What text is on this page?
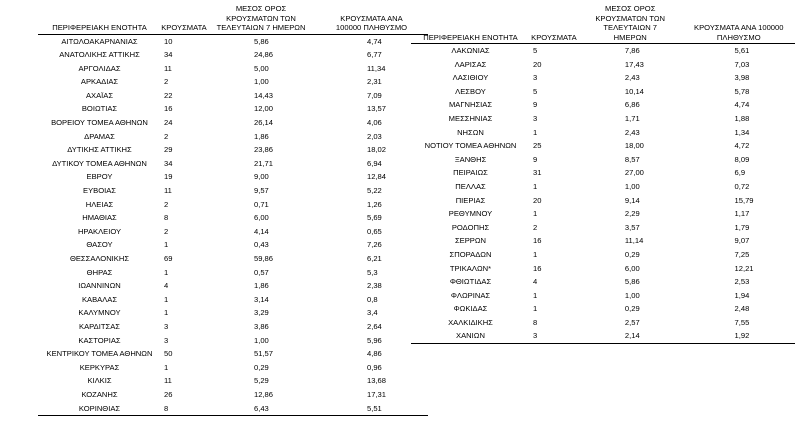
ΠΕΡΙΦΕΡΕΙΑΚΗ ΕΝΟΤΗΤΑ	ΚΡΟΥΣΜΑΤΑ	ΜΕΣΟΣ ΟΡΟΣ ΚΡΟΥΣΜΑΤΩΝ ΤΩΝ ΤΕΛΕΥΤΑΙΩΝ 7 ΗΜΕΡΩΝ	ΚΡΟΥΣΜΑΤΑ ΑΝΑ 100000 ΠΛΗΘΥΣΜΟ
ΑΙΤΩΛΟΑΚΑΡΝΑΝΙΑΣ	10	5,86	4,74
ΑΝΑΤΟΛΙΚΗΣ ΑΤΤΙΚΗΣ	34	24,86	6,77
ΑΡΓΟΛΙΔΑΣ	11	5,00	11,34
ΑΡΚΑΔΙΑΣ	2	1,00	2,31
ΑΧΑΪΑΣ	22	14,43	7,09
ΒΟΙΩΤΙΑΣ	16	12,00	13,57
ΒΟΡΕΙΟΥ ΤΟΜΕΑ ΑΘΗΝΩΝ	24	26,14	4,06
ΔΡΑΜΑΣ	2	1,86	2,03
ΔΥΤΙΚΗΣ ΑΤΤΙΚΗΣ	29	23,86	18,02
ΔΥΤΙΚΟΥ ΤΟΜΕΑ ΑΘΗΝΩΝ	34	21,71	6,94
ΕΒΡΟΥ	19	9,00	12,84
ΕΥΒΟΙΑΣ	11	9,57	5,22
ΗΛΕΙΑΣ	2	0,71	1,26
ΗΜΑΘΙΑΣ	8	6,00	5,69
ΗΡΑΚΛΕΙΟΥ	2	4,14	0,65
ΘΑΣΟΥ	1	0,43	7,26
ΘΕΣΣΑΛΟΝΙΚΗΣ	69	59,86	6,21
ΘΗΡΑΣ	1	0,57	5,3
ΙΩΑΝΝΙΝΩΝ	4	1,86	2,38
ΚΑΒΑΛΑΣ	1	3,14	0,8
ΚΑΛΥΜΝΟΥ	1	3,29	3,4
ΚΑΡΔΙΤΣΑΣ	3	3,86	2,64
ΚΑΣΤΟΡΙΑΣ	3	1,00	5,96
ΚΕΝΤΡΙΚΟΥ ΤΟΜΕΑ ΑΘΗΝΩΝ	50	51,57	4,86
ΚΕΡΚΥΡΑΣ	1	0,29	0,96
ΚΙΛΚΙΣ	11	5,29	13,68
ΚΟΖΑΝΗΣ	26	12,86	17,31
ΚΟΡΙΝΘΙΑΣ	8	6,43	5,51
ΠΕΡΙΦΕΡΕΙΑΚΗ ΕΝΟΤΗΤΑ	ΚΡΟΥΣΜΑΤΑ	ΜΕΣΟΣ ΟΡΟΣ ΚΡΟΥΣΜΑΤΩΝ ΤΩΝ ΤΕΛΕΥΤΑΙΩΝ 7 ΗΜΕΡΩΝ	ΚΡΟΥΣΜΑΤΑ ΑΝΑ 100000 ΠΛΗΘΥΣΜΟ
ΛΑΚΩΝΙΑΣ	5	7,86	5,61
ΛΑΡΙΣΑΣ	20	17,43	7,03
ΛΑΣΙΘΙΟΥ	3	2,43	3,98
ΛΕΣΒΟΥ	5	10,14	5,78
ΜΑΓΝΗΣΙΑΣ	9	6,86	4,74
ΜΕΣΣΗΝΙΑΣ	3	1,71	1,88
ΝΗΣΩΝ	1	2,43	1,34
ΝΟΤΙΟΥ ΤΟΜΕΑ ΑΘΗΝΩΝ	25	18,00	4,72
ΞΑΝΘΗΣ	9	8,57	8,09
ΠΕΙΡΑΙΩΣ	31	27,00	6,9
ΠΕΛΛΑΣ	1	1,00	0,72
ΠΙΕΡΙΑΣ	20	9,14	15,79
ΡΕΘΥΜΝΟΥ	1	2,29	1,17
ΡΟΔΟΠΗΣ	2	3,57	1,79
ΣΕΡΡΩΝ	16	11,14	9,07
ΣΠΟΡΑΔΩΝ	1	0,29	7,25
ΤΡΙΚΑΛΩΝ*	16	6,00	12,21
ΦΘΙΩΤΙΔΑΣ	4	5,86	2,53
ΦΛΩΡΙΝΑΣ	1	1,00	1,94
ΦΩΚΙΔΑΣ	1	0,29	2,48
ΧΑΛΚΙΔΙΚΗΣ	8	2,57	7,55
ΧΑΝΙΩΝ	3	2,14	1,92
